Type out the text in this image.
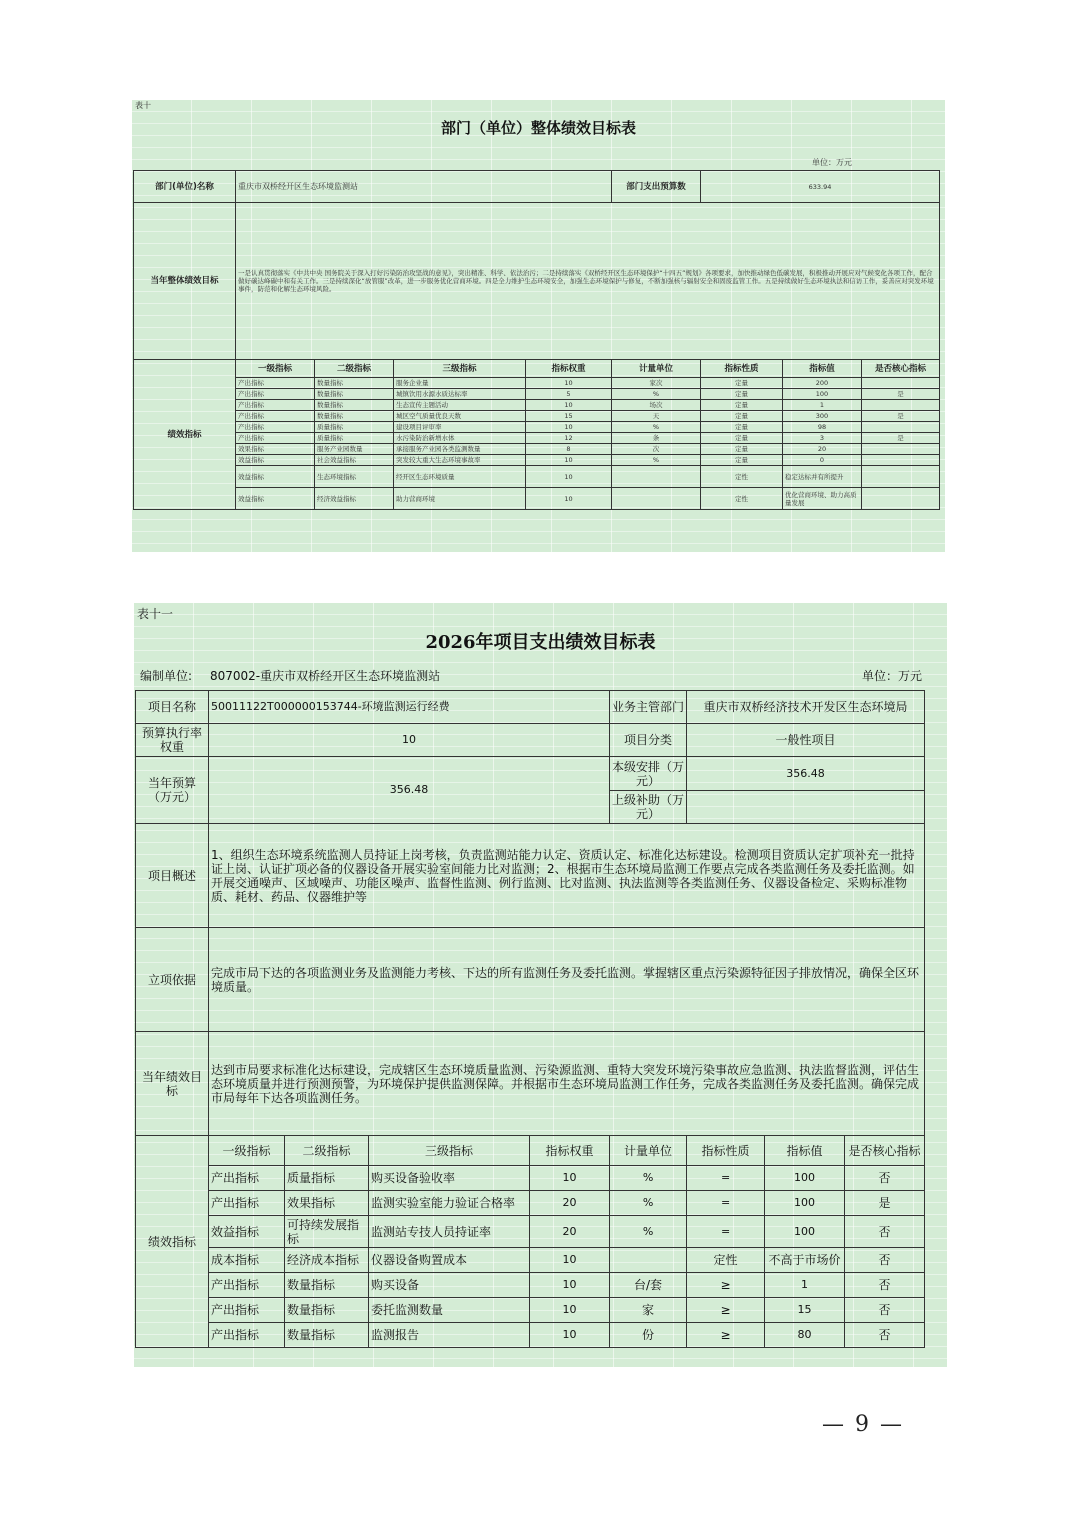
表十
部门（单位）整体绩效目标表
单位：万元
部门(单位)名称	重庆市双桥经开区生态环境监测站				部门支出预算数	633.94		
当年整体绩效目标	一是认真贯彻落实《中共中央 国务院关于深入打好污染防治攻坚战的意见》，突出精准、科学、依法治污；二是持续落实《双桥经开区生态环境保护“十四五”规划》各项要求，加快推动绿色低碳发展，积极推动开展应对气候变化各项工作，配合做好碳达峰碳中和有关工作。三是持续深化“放管服”改革，进一步服务优化营商环境。四是全力维护生态环境安全，加强生态环境保护与修复，不断加强核与辐射安全和固废监管工作。五是持续做好生态环境执法和信访工作，妥善应对突发环境事件，防范和化解生态环境风险。							
绩效指标	一级指标	二级指标	三级指标	指标权重	计量单位	指标性质	指标值	是否核心指标
	产出指标	数量指标	服务企业量	10	家次	定量	200	
	产出指标	数量指标	城镇饮用水源水质达标率	5	%	定量	100	是
	产出指标	数量指标	生态宣传主题活动	10	场次	定量	1	
	产出指标	数量指标	城区空气质量优良天数	15	天	定量	300	是
	产出指标	质量指标	建设项目评审率	10	%	定量	98	
	产出指标	质量指标	水污染防治新增水体	12	条	定量	3	是
	效果指标	服务产业园数量	承接服务产业园各类监测数量	8	次	定量	20	
	效益指标	社会效益指标	突发较大重大生态环境事故率	10	%	定量	0	
	效益指标	生态环境指标	经开区生态环境质量	10		定性	稳定达标并有所提升	
	效益指标	经济效益指标	助力营商环境	10		定性	优化营商环境、助力高质量发展	
表十一
2026年项目支出绩效目标表
编制单位: 807002-重庆市双桥经开区生态环境监测站	单位：万元
项目名称	50011122T000000153744-环境监测运行经费				业务主管部门	重庆市双桥经济技术开发区生态环境局		
预算执行率权重	10				项目分类	一般性项目		
当年预算（万元）	356.48				本级安排（万元）	356.48		
					上级补助（万元）			
项目概述	1、组织生态环境系统监测人员持证上岗考核，负责监测站能力认定、资质认定、标准化达标建设。检测项目资质认定扩项补充一批持证上岗、认证扩项必备的仪器设备开展实验室间能力比对监测；2、根据市生态环境局监测工作要点完成各类监测任务及委托监测。如开展交通噪声、区域噪声、功能区噪声、监督性监测、例行监测、比对监测、执法监测等各类监测任务、仪器设备检定、采购标准物质、耗材、药品、仪器维护等							
立项依据	完成市局下达的各项监测业务及监测能力考核、下达的所有监测任务及委托监测。掌握辖区重点污染源特征因子排放情况，确保全区环境质量。							
当年绩效目标	达到市局要求标准化达标建设，完成辖区生态环境质量监测、污染源监测、重特大突发环境污染事故应急监测、执法监督监测，评估生态环境质量并进行预测预警，为环境保护提供监测保障。并根据市生态环境局监测工作任务，完成各类监测任务及委托监测。确保完成市局每年下达各项监测任务。							
绩效指标	一级指标	二级指标	三级指标	指标权重	计量单位	指标性质	指标值	是否核心指标
	产出指标	质量指标	购买设备验收率	10	%	=	100	否
	产出指标	效果指标	监测实验室能力验证合格率	20	%	=	100	是
	效益指标	可持续发展指标	监测站专技人员持证率	20	%	=	100	否
	成本指标	经济成本指标	仪器设备购置成本	10		定性	不高于市场价	否
	产出指标	数量指标	购买设备	10	台/套	≥	1	否
	产出指标	数量指标	委托监测数量	10	家	≥	15	否
	产出指标	数量指标	监测报告	10	份	≥	80	否
— 9 —
